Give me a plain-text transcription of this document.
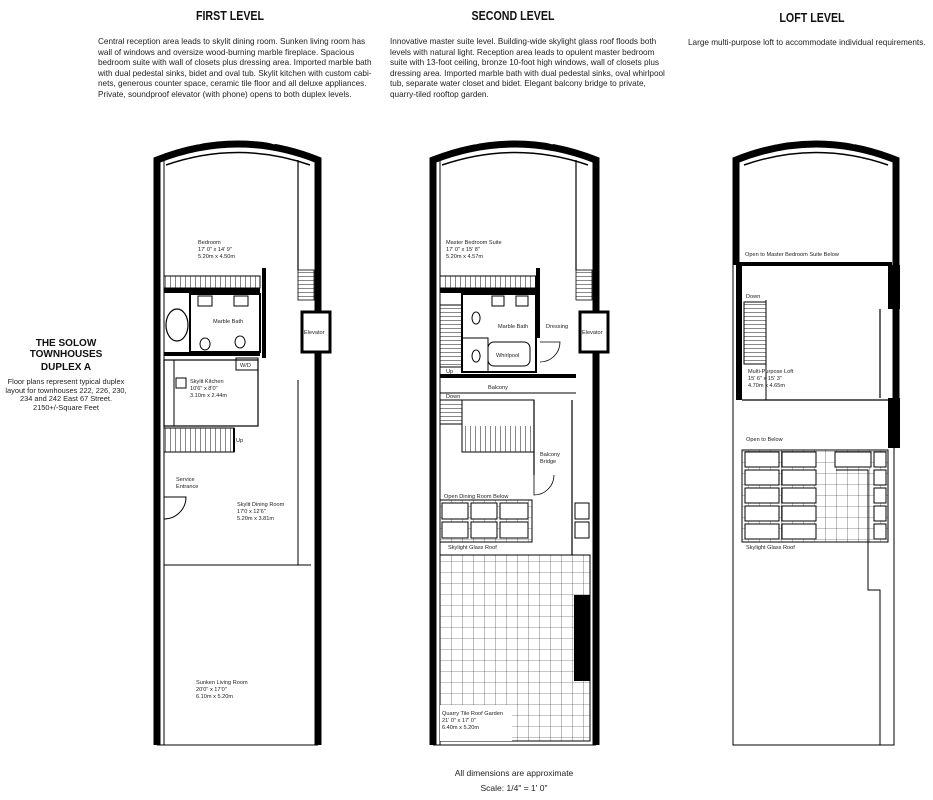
FIRST LEVEL	SECOND LEVEL	LOFT LEVEL
Central reception area leads to skylit dining room. Sunken living room has
wall of windows and oversize wood-burning marble fireplace. Spacious
bedroom suite with wall of closets plus dressing area. Imported marble bath
with dual pedestal sinks, bidet and oval tub. Skylit kitchen with custom cabi-
nets, generous counter space, ceramic tile floor and all deluxe appliances.
Private, soundproof elevator (with phone) opens to both duplex levels.
Innovative master suite level. Building-wide skylight glass roof floods both
levels with natural light. Reception area leads to opulent master bedroom
suite with 13-foot ceiling, bronze 10-foot high windows, wall of closets plus
dressing area. Imported marble bath with dual pedestal sinks, oval whirlpool
tub, separate water closet and bidet. Elegant balcony bridge to private,
quarry-tiled rooftop garden.
Large multi-purpose loft to accommodate individual requirements.
THE SOLOW TOWNHOUSES
DUPLEX A
Floor plans represent typical duplex
layout for townhouses 222, 226, 230,
234 and 242 East 67 Street.
2150+/-Square Feet
All dimensions are approximate
Scale: 1/4" = 1' 0"
Bedroom
17' 0" x 14' 9"
5.20m x 4.50m
Marble Bath
Elevator
W/D
Skylit Kitchen
10'6" x 8'0"
3.10m x 2.44m
Up
Service
Entrance
Skylit Dining Room
17'0 x 12'6"
5.20m x 3.81m
Sunken Living Room
20'0" x 17'0"
6.10m x 5.20m
Master Bedroom Suite
17' 0" x 15' 8"
5.20m x 4.57m
Marble Bath	Dressing
Elevator
Whirlpool
Up
Balcony
Down
Balcony
Bridge
Open Dining Room Below
Skylight Glass Roof
Quarry Tile Roof Garden
21' 0" x 17' 0"
6.40m x 5.20m
Open to Master Bedroom Suite Below
Down
Multi-Purpose Loft
15' 6" x 15' 3"
4.70m x 4.65m
Open to Below
Skylight Glass Roof
